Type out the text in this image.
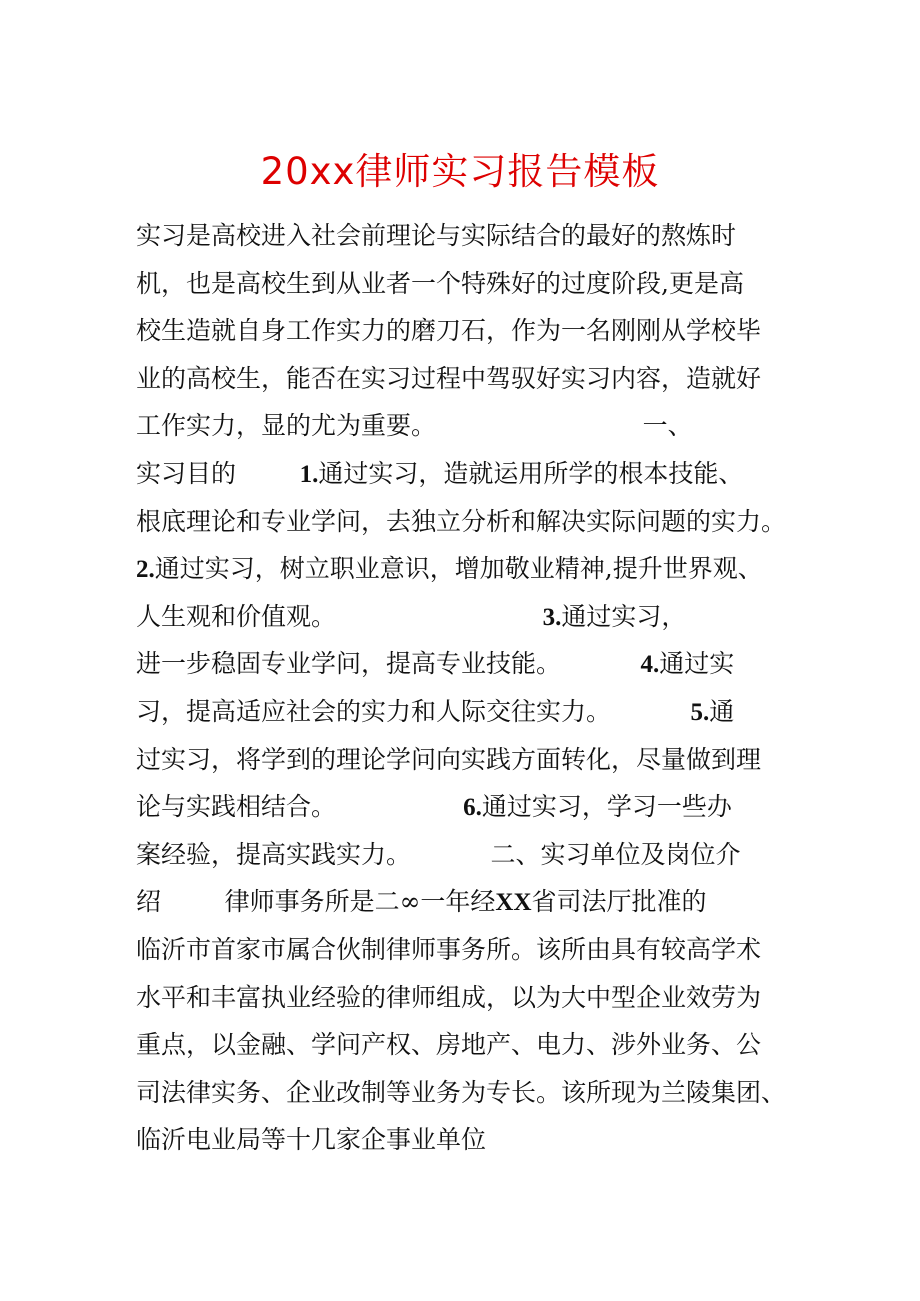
20xx律师实习报告模板
实习是高校进入社会前理论与实际结合的最好的熬炼时
机，也是高校生到从业者一个特殊好的过度阶段,更是高
校生造就自身工作实力的磨刀石，作为一名刚刚从学校毕
业的高校生，能否在实习过程中驾驭好实习内容，造就好
工作实力，显的尤为重要。                          一、
实习目的        1.通过实习，造就运用所学的根本技能、
根底理论和专业学问，去独立分析和解决实际问题的实力。
2.通过实习，树立职业意识，增加敬业精神,提升世界观、
人生观和价值观。                          3.通过实习，
进一步稳固专业学问，提高专业技能。          4.通过实
习，提高适应社会的实力和人际交往实力。          5.通
过实习，将学到的理论学问向实践方面转化，尽量做到理
论与实践相结合。                6.通过实习，学习一些办
案经验，提高实践实力。          二、实习单位及岗位介
绍        律师事务所是二∞一年经XX省司法厅批准的
临沂市首家市属合伙制律师事务所。该所由具有较高学术
水平和丰富执业经验的律师组成，以为大中型企业效劳为
重点，以金融、学问产权、房地产、电力、涉外业务、公
司法律实务、企业改制等业务为专长。该所现为兰陵集团、
临沂电业局等十几家企事业单位
